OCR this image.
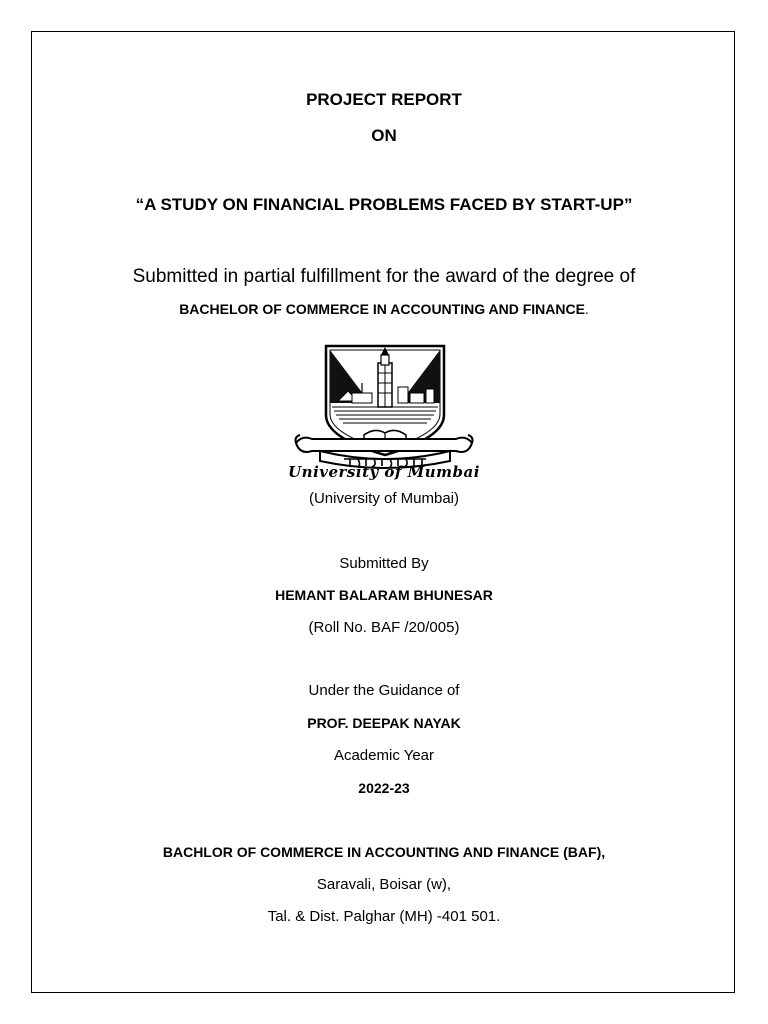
PROJECT REPORT
ON
“A STUDY ON FINANCIAL PROBLEMS FACED BY START-UP”
Submitted in partial fulfillment for the award of the degree of
BACHELOR OF COMMERCE IN ACCOUNTING AND FINANCE.
University of Mumbai
(University of Mumbai)
Submitted By
HEMANT BALARAM BHUNESAR
(Roll No. BAF /20/005)
Under the Guidance of
PROF. DEEPAK NAYAK
Academic Year
2022-23
BACHLOR OF COMMERCE IN ACCOUNTING AND FINANCE (BAF),
Saravali, Boisar (w),
Tal. & Dist. Palghar (MH) -401 501.
